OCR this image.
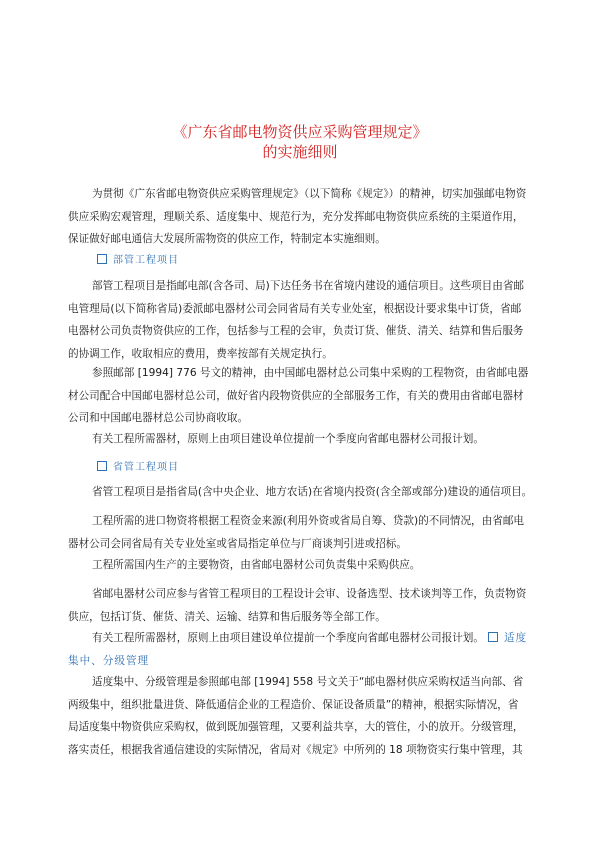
《广东省邮电物资供应采购管理规定》
的实施细则
为贯彻《广东省邮电物资供应采购管理规定》（以下简称《规定》）的精神，切实加强邮电物资
供应采购宏观管理，理顺关系、适度集中、规范行为，充分发挥邮电物资供应系统的主渠道作用，
保证做好邮电通信大发展所需物资的供应工作，特制定本实施细则。
部管工程项目
部管工程项目是指邮电部(含各司、局)下达任务书在省境内建设的通信项目。这些项目由省邮
电管理局(以下简称省局)委派邮电器材公司会同省局有关专业处室，根据设计要求集中订货，省邮
电器材公司负责物资供应的工作，包括参与工程的会审，负责订货、催货、清关、结算和售后服务
的协调工作，收取相应的费用，费率按部有关规定执行。
参照邮部 [1994] 776 号文的精神，由中国邮电器材总公司集中采购的工程物资，由省邮电器
材公司配合中国邮电器材总公司，做好省内段物资供应的全部服务工作，有关的费用由省邮电器材
公司和中国邮电器材总公司协商收取。
有关工程所需器材，原则上由项目建设单位提前一个季度向省邮电器材公司报计划。
省管工程项目
省管工程项目是指省局(含中央企业、地方农话)在省境内投资(含全部或部分)建设的通信项目。
工程所需的进口物资将根据工程资金来源(利用外资或省局自筹、贷款)的不同情况，由省邮电
器材公司会同省局有关专业处室或省局指定单位与厂商谈判引进或招标。
工程所需国内生产的主要物资，由省邮电器材公司负责集中采购供应。
省邮电器材公司应参与省管工程项目的工程设计会审、设备选型、技术谈判等工作，负责物资
供应，包括订货、催货、清关、运输、结算和售后服务等全部工作。
有关工程所需器材，原则上由项目建设单位提前一个季度向省邮电器材公司报计划。 适度
集中、分级管理
适度集中、分级管理是参照邮电部 [1994] 558 号文关于“邮电器材供应采购权适当向部、省
两级集中，组织批量进货、降低通信企业的工程造价、保证设备质量”的精神，根据实际情况，省
局适度集中物资供应采购权，做到既加强管理，又要利益共享，大的管住，小的放开。分级管理，
落实责任，根据我省通信建设的实际情况，省局对《规定》中所列的 18 项物资实行集中管理，其
